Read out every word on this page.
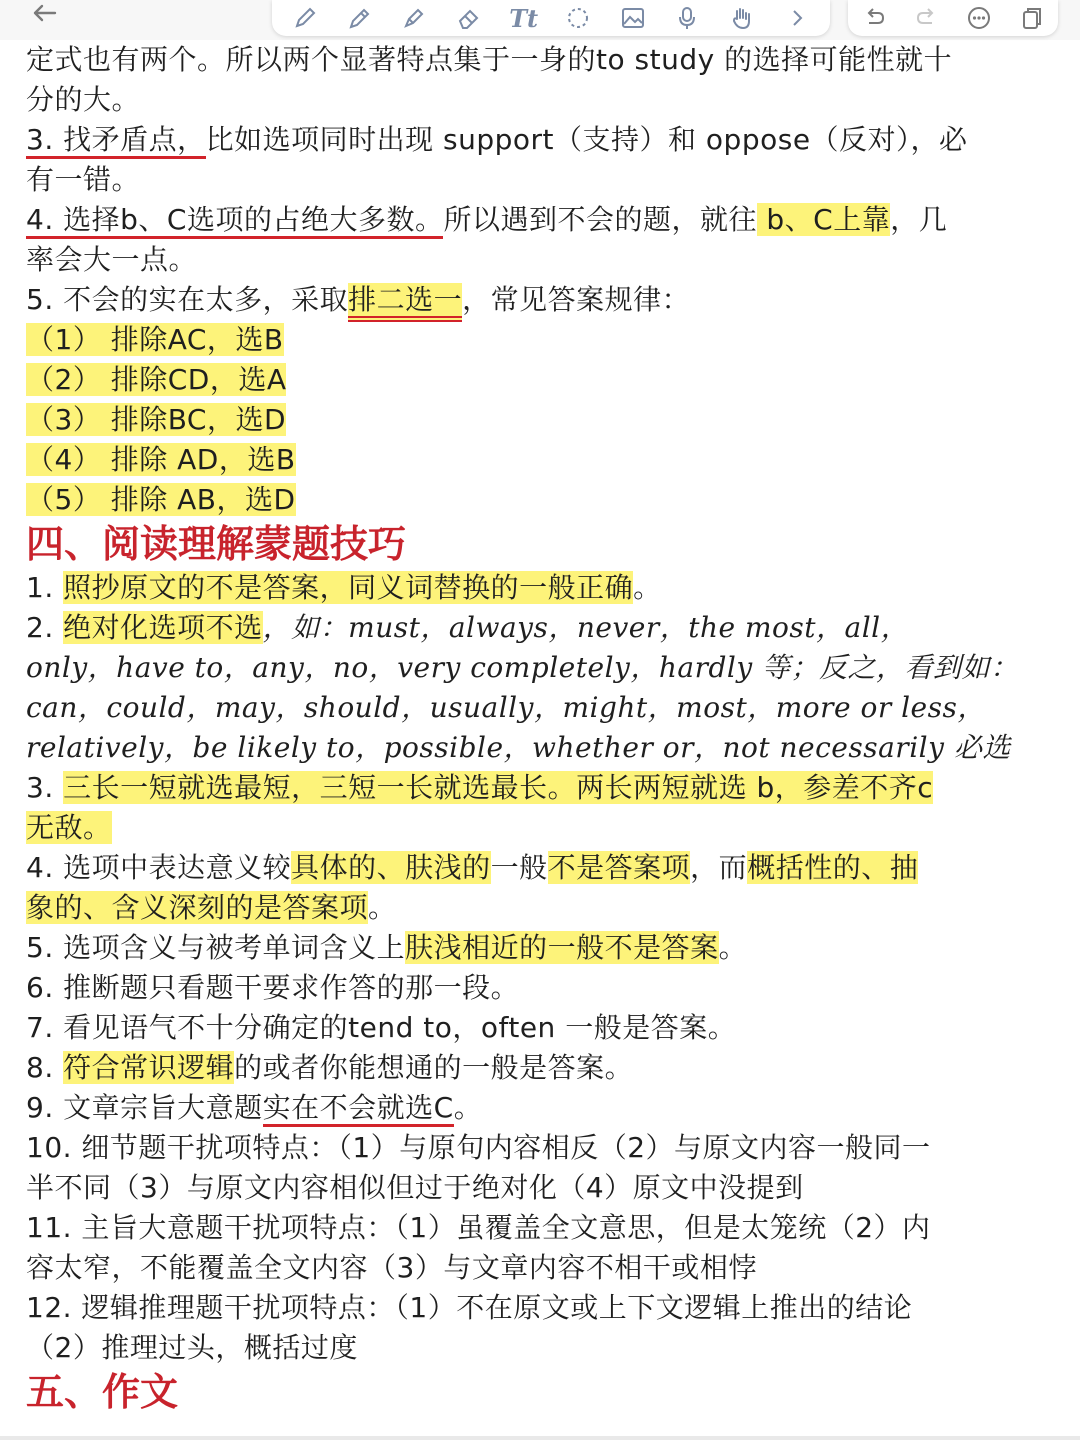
Tt
定式也有两个。所以两个显著特点集于一身的to study 的选择可能性就十
分的大。
3. 找矛盾点，比如选项同时出现 support（支持）和 oppose（反对），必
有一错。
4. 选择b、C选项的占绝大多数。所以遇到不会的题，就往 b、C上靠，几
率会大一点。
5. 不会的实在太多，采取排二选一，常见答案规律：
（1） 排除AC，选B
（2） 排除CD，选A
（3） 排除BC，选D
（4） 排除 AD，选B
（5） 排除 AB，选D
四、阅读理解蒙题技巧
1. 照抄原文的不是答案，同义词替换的一般正确。
2. 绝对化选项不选，如：must，always，never，the most，all，
only，have to，any，no，very completely，hardly 等；反之，看到如：
can，could，may，should，usually，might，most，more or less，
relatively，be likely to，possible，whether or，not necessarily 必选
3. 三长一短就选最短，三短一长就选最长。两长两短就选 b，参差不齐c
无敌。
4. 选项中表达意义较具体的、肤浅的一般不是答案项，而概括性的、抽
象的、含义深刻的是答案项。
5. 选项含义与被考单词含义上肤浅相近的一般不是答案。
6. 推断题只看题干要求作答的那一段。
7. 看见语气不十分确定的tend to，often 一般是答案。
8. 符合常识逻辑的或者你能想通的一般是答案。
9. 文章宗旨大意题实在不会就选C。
10. 细节题干扰项特点：（1）与原句内容相反（2）与原文内容一般同一
半不同（3）与原文内容相似但过于绝对化（4）原文中没提到
11. 主旨大意题干扰项特点：（1）虽覆盖全文意思，但是太笼统（2）内
容太窄，不能覆盖全文内容（3）与文章内容不相干或相悖
12. 逻辑推理题干扰项特点：（1）不在原文或上下文逻辑上推出的结论
（2）推理过头，概括过度
五、作文
